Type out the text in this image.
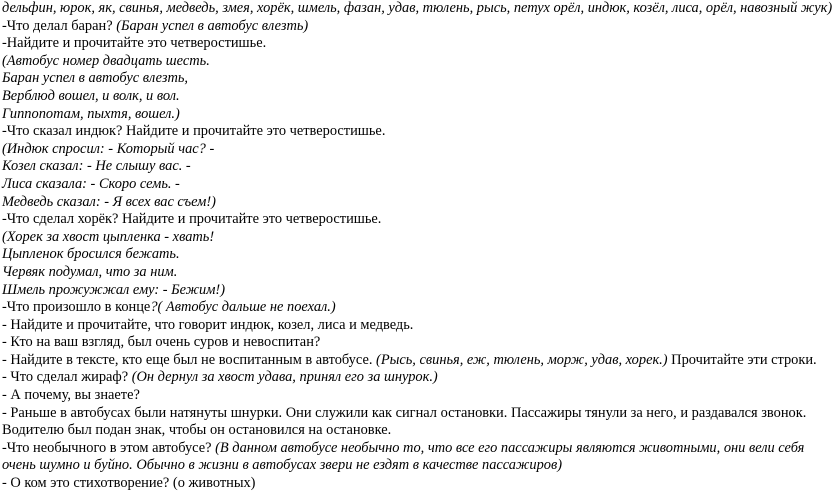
дельфин, юрок, як, свинья, медведь, змея, хорёк, шмель, фазан, удав, тюлень, рысь, петух орёл, индюк, козёл, лиса, орёл, навозный жук)
-Что делал баран? (Баран успел в автобус влезть)
-Найдите и прочитайте это четверостишье.
(Автобус номер двадцать шесть.
Баран успел в автобус влезть,
Верблюд вошел, и волк, и вол.
Гиппопотам, пыхтя, вошел.)
-Что сказал индюк? Найдите и прочитайте это четверостишье.
(Индюк спросил: - Который час? -
Козел сказал: - Не слышу вас. -
Лиса сказала: - Скоро семь. -
Медведь сказал: - Я всех вас съем!)
-Что сделал хорёк? Найдите и прочитайте это четверостишье.
(Хорек за хвост цыпленка - хвать!
Цыпленок бросился бежать.
Червяк подумал, что за ним.
Шмель прожужжал ему: - Бежим!)
-Что произошло в конце?( Автобус дальше не поехал.)
- Найдите и прочитайте, что говорит индюк, козел, лиса и медведь.
- Кто на ваш взгляд, был очень суров и невоспитан?
- Найдите в тексте, кто еще был не воспитанным в автобусе. (Рысь, свинья, еж, тюлень, морж, удав, хорек.) Прочитайте эти строки.
- Что сделал жираф? (Он дернул за хвост удава, принял его за шнурок.)
- А почему, вы знаете?
- Раньше в автобусах были натянуты шнурки. Они служили как сигнал остановки. Пассажиры тянули за него, и раздавался звонок. Водителю был подан знак, чтобы он остановился на остановке.
-Что необычного в этом автобусе? (В данном автобусе необычно то, что все его пассажиры являются животными, они вели себя очень шумно и буйно. Обычно в жизни в автобусах звери не ездят в качестве пассажиров)
- О ком это стихотворение? (о животных)
